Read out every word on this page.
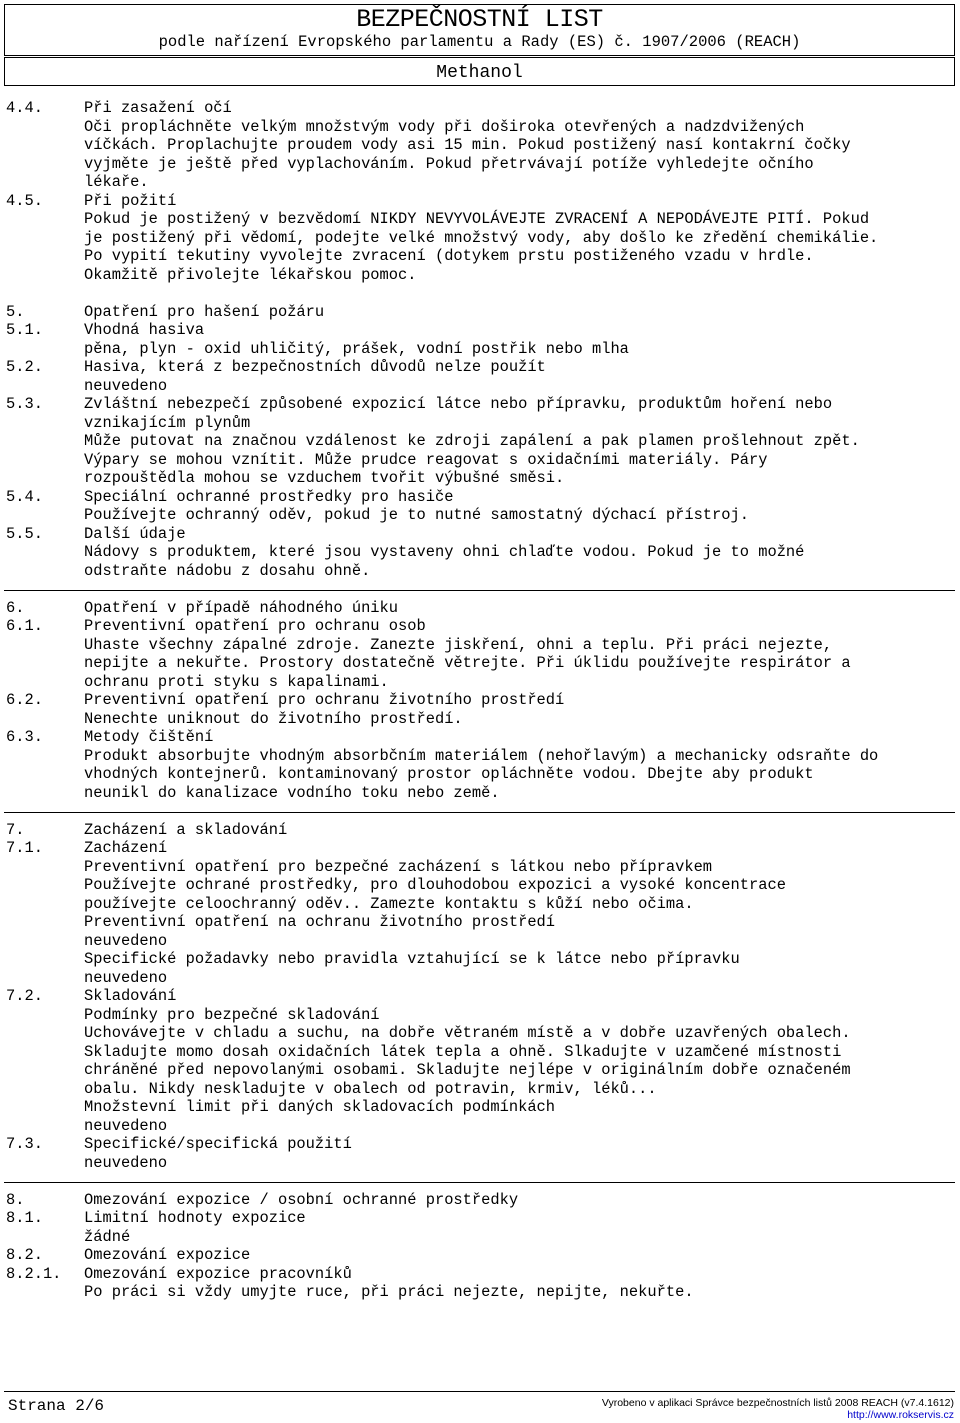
BEZPEČNOSTNÍ LIST
podle nařízení Evropského parlamentu a Rady (ES) č. 1907/2006 (REACH)
Methanol
4.4.	Při zasažení očí
Oči propláchněte velkým množstvým vody při doširoka otevřených a nadzdvižených
víčkách. Proplachujte proudem vody asi 15 min. Pokud postižený nasí kontakrní čočky
vyjměte je ještě před vyplachováním. Pokud přetrvávají potíže vyhledejte očního
lékaře.
4.5.	Při požití
Pokud je postižený v bezvědomí NIKDY NEVYVOLÁVEJTE ZVRACENÍ A NEPODÁVEJTE PITÍ. Pokud
je postižený při vědomí, podejte velké množstvý vody, aby došlo ke zředění chemikálie.
Po vypití tekutiny vyvolejte zvracení (dotykem prstu postiženého vzadu v hrdle.
Okamžitě přivolejte lékařskou pomoc.
5.	Opatření pro hašení požáru
5.1.	Vhodná hasiva
pěna, plyn - oxid uhličitý, prášek, vodní postřik nebo mlha
5.2.	Hasiva, která z bezpečnostních důvodů nelze použít
neuvedeno
5.3.	Zvláštní nebezpečí způsobené expozicí látce nebo přípravku, produktům hoření nebo
vznikajícím plynům
Může putovat na značnou vzdálenost ke zdroji zapálení a pak plamen prošlehnout zpět.
Výpary se mohou vznítit. Může prudce reagovat s oxidačními materiály. Páry
rozpouštědla mohou se vzduchem tvořit výbušné směsi.
5.4.	Speciální ochranné prostředky pro hasiče
Používejte ochranný oděv, pokud je to nutné samostatný dýchací přístroj.
5.5.	Další údaje
Nádovy s produktem, které jsou vystaveny ohni chlaďte vodou. Pokud je to možné
odstraňte nádobu z dosahu ohně.
6.	Opatření v případě náhodného úniku
6.1.	Preventivní opatření pro ochranu osob
Uhaste všechny zápalné zdroje. Zanezte jiskření, ohni a teplu. Při práci nejezte,
nepijte a nekuřte. Prostory dostatečně větrejte. Při úklidu používejte respirátor a
ochranu proti styku s kapalinami.
6.2.	Preventivní opatření pro ochranu životního prostředí
Nenechte uniknout do životního prostředí.
6.3.	Metody čištění
Produkt absorbujte vhodným absorbčním materiálem (nehořlavým) a mechanicky odsraňte do
vhodných kontejnerů. kontaminovaný prostor opláchněte vodou. Dbejte aby produkt
neunikl do kanalizace vodního toku nebo země.
7.	Zacházení a skladování
7.1.	Zacházení
Preventivní opatření pro bezpečné zacházení s látkou nebo přípravkem
Používejte ochrané prostředky, pro dlouhodobou expozici a vysoké koncentrace
používejte celoochranný oděv.. Zamezte kontaktu s kůží nebo očima.
Preventivní opatření na ochranu životního prostředí
neuvedeno
Specifické požadavky nebo pravidla vztahující se k látce nebo přípravku
neuvedeno
7.2.	Skladování
Podmínky pro bezpečné skladování
Uchovávejte v chladu a suchu, na dobře větraném místě a v dobře uzavřených obalech.
Skladujte momo dosah oxidačních látek tepla a ohně. Slkadujte v uzamčené místnosti
chráněné před nepovolanými osobami. Skladujte nejlépe v originálním dobře označeném
obalu. Nikdy neskladujte v obalech od potravin, krmiv, léků...
Množstevní limit při daných skladovacích podmínkách
neuvedeno
7.3.	Specifické/specifická použití
neuvedeno
8.	Omezování expozice / osobní ochranné prostředky
8.1.	Limitní hodnoty expozice
žádné
8.2.	Omezování expozice
8.2.1. Omezování expozice pracovníků
Po práci si vždy umyjte ruce, při práci nejezte, nepijte, nekuřte.
Strana 2/6	Vyrobeno v aplikaci Správce bezpečnostních listů 2008 REACH (v7.4.1612)
http://www.rokservis.cz
